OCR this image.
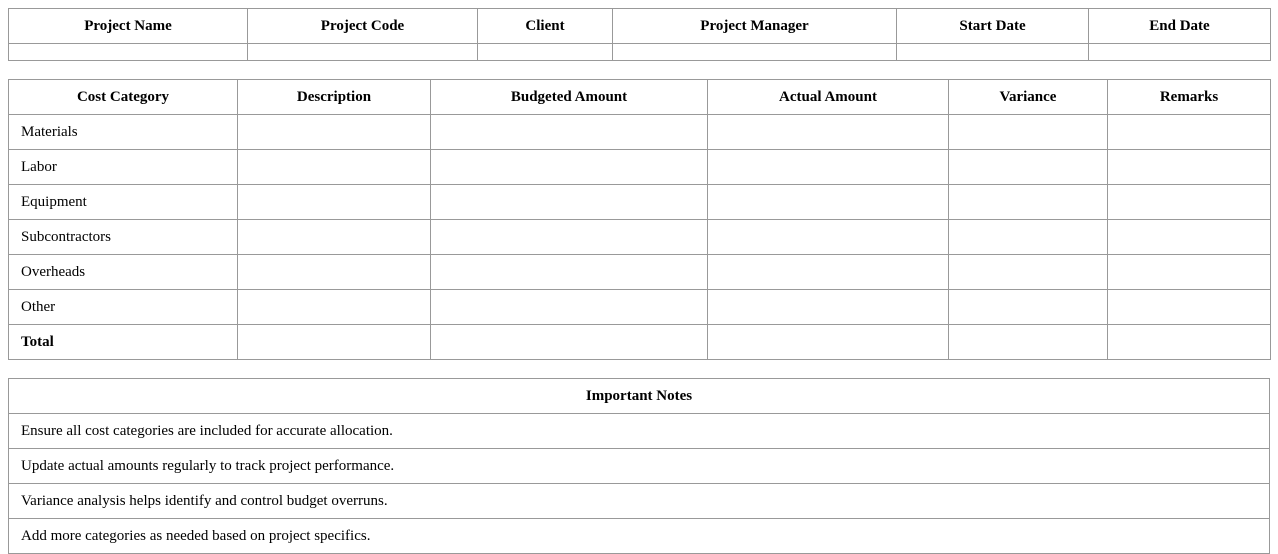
Project Name	Project Code	Client	Project Manager	Start Date	End Date

Cost Category	Description	Budgeted Amount	Actual Amount	Variance	Remarks
Materials					
Labor					
Equipment					
Subcontractors					
Overheads					
Other					
Total					
Important Notes
Ensure all cost categories are included for accurate allocation.
Update actual amounts regularly to track project performance.
Variance analysis helps identify and control budget overruns.
Add more categories as needed based on project specifics.
